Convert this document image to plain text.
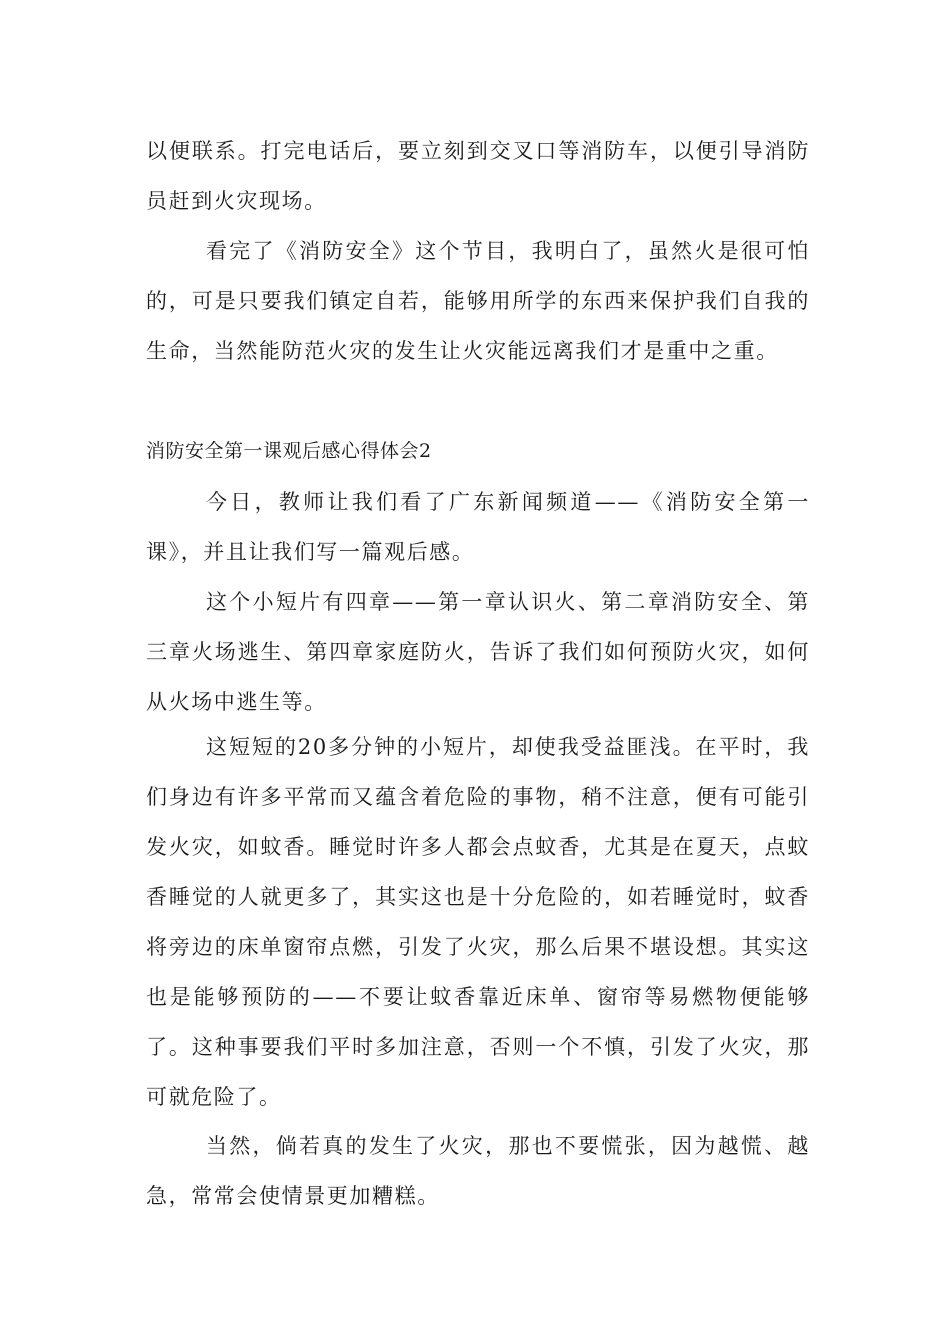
以便联系。打完电话后，要立刻到交叉口等消防车，以便引导消防员赶到火灾现场。

看完了《消防安全》这个节目，我明白了，虽然火是很可怕的，可是只要我们镇定自若，能够用所学的东西来保护我们自我的生命，当然能防范火灾的发生让火灾能远离我们才是重中之重。

消防安全第一课观后感心得体会2

今日，教师让我们看了广东新闻频道——《消防安全第一课》，并且让我们写一篇观后感。

这个小短片有四章——第一章认识火、第二章消防安全、第三章火场逃生、第四章家庭防火，告诉了我们如何预防火灾，如何从火场中逃生等。

这短短的20多分钟的小短片，却使我受益匪浅。在平时，我们身边有许多平常而又蕴含着危险的事物，稍不注意，便有可能引发火灾，如蚊香。睡觉时许多人都会点蚊香，尤其是在夏天，点蚊香睡觉的人就更多了，其实这也是十分危险的，如若睡觉时，蚊香将旁边的床单窗帘点燃，引发了火灾，那么后果不堪设想。其实这也是能够预防的——不要让蚊香靠近床单、窗帘等易燃物便能够了。这种事要我们平时多加注意，否则一个不慎，引发了火灾，那可就危险了。

当然，倘若真的发生了火灾，那也不要慌张，因为越慌、越急，常常会使情景更加糟糕。
